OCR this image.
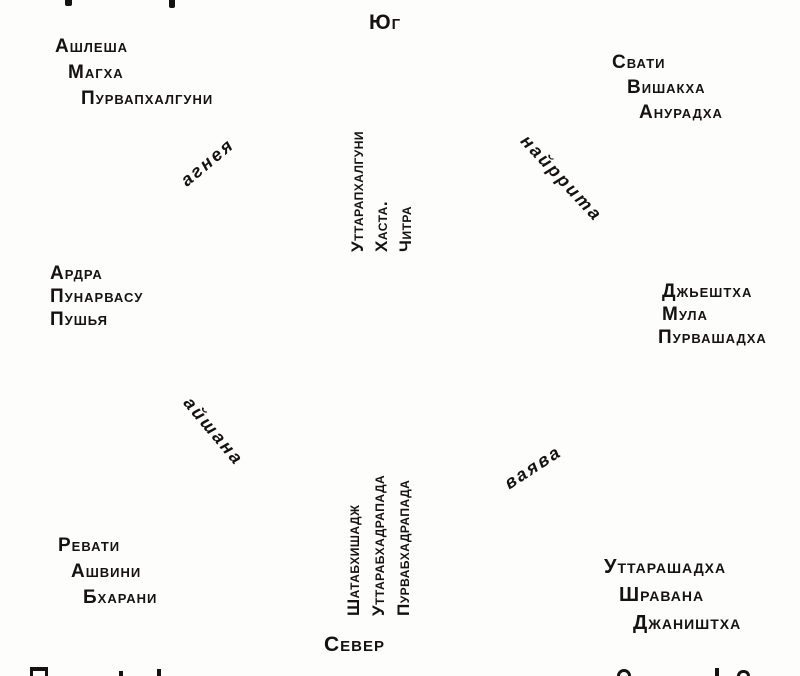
Юг
Север
агнея	найррита
айшана	ваява
Ашлеша
Магха
Пурвапхалгуни
Свати
Вишакха
Анурадха
Уттарапхалгуни Хаста. Читра
Ардра
Пунарвасу
Пушья
Джьештха
Мула
Пурвашадха
Шатабхишадж Уттарабхадрапада Пурвабхадрапада
Ревати
Ашвини
Бхарани
Уттарашадха
Шравана
Джаништха
